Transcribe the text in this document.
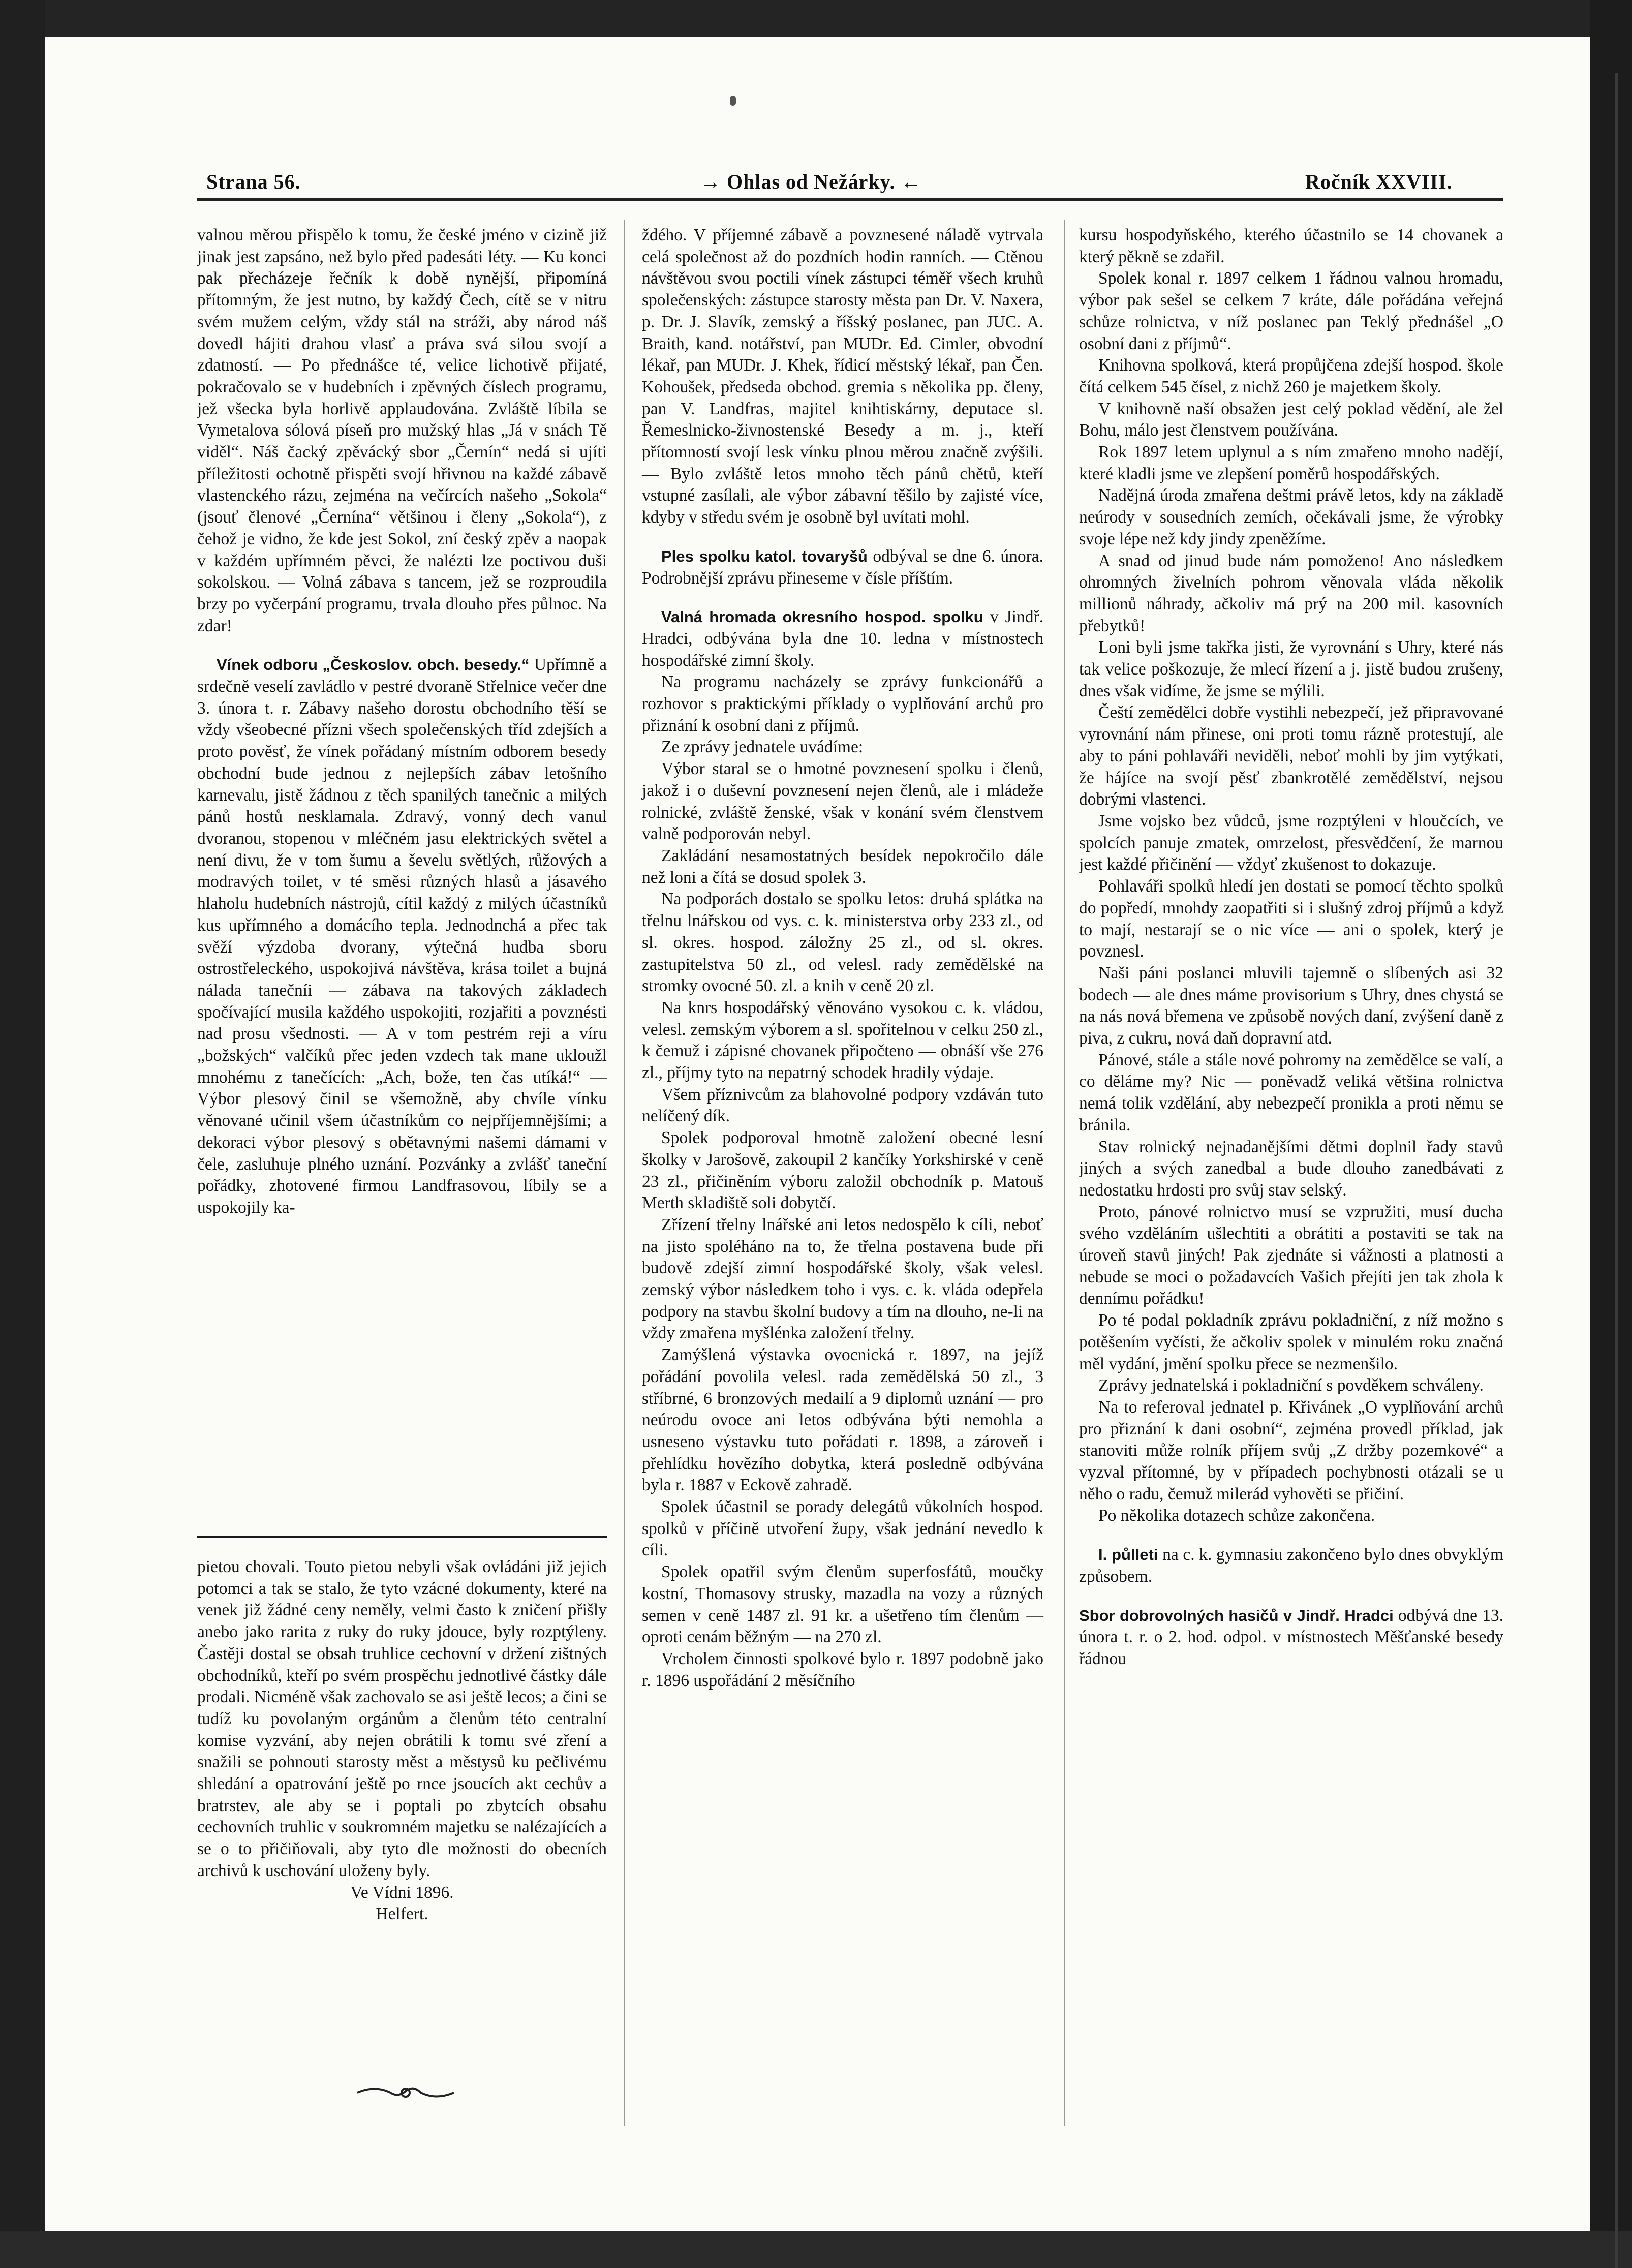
Strana 56.	→ Ohlas od Nežárky. ←	Ročník XXVIII.

valnou měrou přispělo k tomu, že české jméno v cizině již jinak jest zapsáno, než bylo před padesáti léty. — Ku konci pak přecházeje řečník k době nynější, připomíná přítomným, že jest nutno, by každý Čech, cítě se v nitru svém mužem celým, vždy stál na stráži, aby národ náš dovedl hájiti drahou vlasť a práva svá silou svojí a zdatností. — Po přednášce té, velice lichotivě přijaté, pokračovalo se v hudebních i zpěvných číslech programu, jež všecka byla horlivě applaudována. Zvláště líbila se Vymetalova sólová píseň pro mužský hlas „Já v snách Tě viděl“. Náš čacký zpěvácký sbor „Černín“ nedá si ujíti příležitosti ochotně přispěti svojí hřivnou na každé zábavě vlastenckého rázu, zejména na večírcích našeho „Sokola“ (jsouť členové „Černína“ většinou i členy „Sokola“), z čehož je vidno, že kde jest Sokol, zní český zpěv a naopak v každém upřímném pěvci, že nalézti lze poctivou duši sokolskou. — Volná zábava s tancem, jež se rozproudila brzy po vyčerpání programu, trvala dlouho přes půlnoc. Na zdar!

Vínek odboru „Českoslov. obch. besedy.“ Upřímně a srdečně veselí zavládlo v pestré dvoraně Střelnice večer dne 3. února t. r. Zábavy našeho dorostu obchodního těší se vždy všeobecné přízni všech společenských tříd zdejších a proto pověsť, že vínek pořádaný místním odborem besedy obchodní bude jednou z nejlepších zábav letošního karnevalu, jistě žádnou z těch spanilých tanečnic a milých pánů hostů nesklamala. Zdravý, vonný dech vanul dvoranou, stopenou v mléčném jasu elektrických světel a není divu, že v tom šumu a ševelu světlých, růžových a modravých toilet, v té směsi různých hlasů a jásavého hlaholu hudebních nástrojů, cítil každý z milých účastníků kus upřímného a domácího tepla. Jednodnchá a přec tak svěží výzdoba dvorany, výtečná hudba sboru ostrostřeleckého, uspokojivá návštěva, krása toilet a bujná nálada tanečníi — zábava na takových základech spočívající musila každého uspokojiti, rozjařiti a povznésti nad prosu všednosti. — A v tom pestrém reji a víru „božských“ valčíků přec jeden vzdech tak mane ukloužl mnohému z tanečících: „Ach, bože, ten čas utíká!“ — Výbor plesový činil se všemožně, aby chvíle vínku věnované učinil všem účastníkům co nejpříjemnějšími; a dekoraci výbor plesový s obětavnými našemi dámami v čele, zasluhuje plného uznání. Pozvánky a zvlášť taneční pořádky, zhotovené firmou Landfrasovou, líbily se a uspokojily ka-

pietou chovali. Touto pietou nebyli však ovládáni již jejich potomci a tak se stalo, že tyto vzácné dokumenty, které na venek již žádné ceny neměly, velmi často k zničení přišly anebo jako rarita z ruky do ruky jdouce, byly rozptýleny. Častěji dostal se obsah truhlice cechovní v držení zištných obchodníků, kteří po svém prospěchu jednotlivé částky dále prodali. Nicméně však zachovalo se asi ještě lecos; a čini se tudíž ku povolaným orgánům a členům této centralní komise vyzvání, aby nejen obrátili k tomu své zření a snažili se pohnouti starosty měst a městysů ku pečlivému shledání a opatrování ještě po rnce jsoucích akt cechův a bratrstev, ale aby se i poptali po zbytcích obsahu cechovních truhlic v soukromném majetku se nalézajících a se o to přičiňovali, aby tyto dle možnosti do obecních archivů k uschování uloženy byly.

Ve Vídni 1896.

Helfert.

ždého. V příjemné zábavě a povznesené náladě vytrvala celá společnost až do pozdních hodin ranních. — Ctěnou návštěvou svou poctili vínek zástupci téměř všech kruhů společenských: zástupce starosty města pan Dr. V. Naxera, p. Dr. J. Slavík, zemský a říšský poslanec, pan JUC. A. Braith, kand. notářství, pan MUDr. Ed. Cimler, obvodní lékař, pan MUDr. J. Khek, řídicí městský lékař, pan Čen. Kohoušek, předseda obchod. gremia s několika pp. členy, pan V. Landfras, majitel knihtiskárny, deputace sl. Řemeslnicko-živnostenské Besedy a m. j., kteří přítomností svojí lesk vínku plnou měrou značně zvýšili. — Bylo zvláště letos mnoho těch pánů chětů, kteří vstupné zasílali, ale výbor zábavní těšilo by zajisté více, kdyby v středu svém je osobně byl uvítati mohl.

Ples spolku katol. tovaryšů odbýval se dne 6. února. Podrobnější zprávu přineseme v čísle příštím.

Valná hromada okresního hospod. spolku v Jindř. Hradci, odbývána byla dne 10. ledna v místnostech hospodářské zimní školy.

Na programu nacházely se zprávy funkcionářů a rozhovor s praktickými příklady o vyplňování archů pro přiznání k osobní dani z příjmů.

Ze zprávy jednatele uvádíme:

Výbor staral se o hmotné povznesení spolku i členů, jakož i o duševní povznesení nejen členů, ale i mládeže rolnické, zvláště ženské, však v konání svém členstvem valně podporován nebyl.

Zakládání nesamostatných besídek nepokročilo dále než loni a čítá se dosud spolek 3.

Na podporách dostalo se spolku letos: druhá splátka na třelnu lnářskou od vys. c. k. ministerstva orby 233 zl., od sl. okres. hospod. záložny 25 zl., od sl. okres. zastupitelstva 50 zl., od velesl. rady zemědělské na stromky ovocné 50. zl. a knih v ceně 20 zl.

Na knrs hospodářský věnováno vysokou c. k. vládou, velesl. zemským výborem a sl. spořitelnou v celku 250 zl., k čemuž i zápisné chovanek připočteno — obnáší vše 276 zl., příjmy tyto na nepatrný schodek hradily výdaje.

Všem příznivcům za blahovolné podpory vzdáván tuto nelíčený dík.

Spolek podporoval hmotně založení obecné lesní školky v Jarošově, zakoupil 2 kančíky Yorkshirské v ceně 23 zl., přičiněním výboru založil obchodník p. Matouš Merth skladiště soli dobytčí.

Zřízení třelny lnářské ani letos nedospělo k cíli, neboť na jisto spoléháno na to, že třelna postavena bude při budově zdejší zimní hospodářské školy, však velesl. zemský výbor následkem toho i vys. c. k. vláda odepřela podpory na stavbu školní budovy a tím na dlouho, ne-li na vždy zmařena myšlénka založení třelny.

Zamýšlená výstavka ovocnická r. 1897, na jejíž pořádání povolila velesl. rada zemědělská 50 zl., 3 stříbrné, 6 bronzových medailí a 9 diplomů uznání — pro neúrodu ovoce ani letos odbývána býti nemohla a usneseno výstavku tuto pořádati r. 1898, a zároveň i přehlídku hovězího dobytka, která posledně odbývána byla r. 1887 v Eckově zahradě.

Spolek účastnil se porady delegátů vůkolních hospod. spolků v příčině utvoření župy, však jednání nevedlo k cíli.

Spolek opatřil svým členům superfosfátů, moučky kostní, Thomasovy strusky, mazadla na vozy a různých semen v ceně 1487 zl. 91 kr. a ušetřeno tím členům — oproti cenám běžným — na 270 zl.

Vrcholem činnosti spolkové bylo r. 1897 podobně jako r. 1896 uspořádání 2 měsíčního

kursu hospodyňského, kterého účastnilo se 14 chovanek a který pěkně se zdařil.

Spolek konal r. 1897 celkem 1 řádnou valnou hromadu, výbor pak sešel se celkem 7 kráte, dále pořádána veřejná schůze rolnictva, v níž poslanec pan Teklý přednášel „O osobní dani z příjmů“.

Knihovna spolková, která propůjčena zdejší hospod. škole čítá celkem 545 čísel, z nichž 260 je majetkem školy.

V knihovně naší obsažen jest celý poklad vědění, ale žel Bohu, málo jest členstvem používána.

Rok 1897 letem uplynul a s ním zmařeno mnoho nadějí, které kladli jsme ve zlepšení poměrů hospodářských.

Nadějná úroda zmařena deštmi právě letos, kdy na základě neúrody v sousedních zemích, očekávali jsme, že výrobky svoje lépe než kdy jindy zpeněžíme.

A snad od jinud bude nám pomoženo! Ano následkem ohromných živelních pohrom věnovala vláda několik millionů náhrady, ačkoliv má prý na 200 mil. kasovních přebytků!

Loni byli jsme takřka jisti, že vyrovnání s Uhry, které nás tak velice poškozuje, že mlecí řízení a j. jistě budou zrušeny, dnes však vidíme, že jsme se mýlili.

Čeští zemědělci dobře vystihli nebezpečí, jež připravované vyrovnání nám přinese, oni proti tomu rázně protestují, ale aby to páni pohlaváři neviděli, neboť mohli by jim vytýkati, že hájíce na svojí pěsť zbankrotělé zemědělství, nejsou dobrými vlastenci.

Jsme vojsko bez vůdců, jsme rozptýleni v hloučcích, ve spolcích panuje zmatek, omrzelost, přesvědčení, že marnou jest každé přičinění — vždyť zkušenost to dokazuje.

Pohlaváři spolků hledí jen dostati se pomocí těchto spolků do popředí, mnohdy zaopatřiti si i slušný zdroj příjmů a když to mají, nestarají se o nic více — ani o spolek, který je povznesl.

Naši páni poslanci mluvili tajemně o slíbených asi 32 bodech — ale dnes máme provisorium s Uhry, dnes chystá se na nás nová břemena ve způsobě nových daní, zvýšení daně z piva, z cukru, nová daň dopravní atd.

Pánové, stále a stále nové pohromy na zemědělce se valí, a co děláme my? Nic — poněvadž veliká většina rolnictva nemá tolik vzdělání, aby nebezpečí pronikla a proti němu se bránila.

Stav rolnický nejnadanějšími dětmi doplnil řady stavů jiných a svých zanedbal a bude dlouho zanedbávati z nedostatku hrdosti pro svůj stav selský.

Proto, pánové rolnictvo musí se vzpružiti, musí ducha svého vzděláním ušlechtiti a obrátiti a postaviti se tak na úroveň stavů jiných! Pak zjednáte si vážnosti a platnosti a nebude se moci o požadavcích Vašich přejíti jen tak zhola k dennímu pořádku!

Po té podal pokladník zprávu pokladniční, z níž možno s potěšením vyčísti, že ačkoliv spolek v minulém roku značná měl vydání, jmění spolku přece se nezmenšilo.

Zprávy jednatelská i pokladniční s povděkem schváleny.

Na to referoval jednatel p. Křivánek „O vyplňování archů pro přiznání k dani osobní“, zejména provedl příklad, jak stanoviti může rolník příjem svůj „Z držby pozemkové“ a vyzval přítomné, by v případech pochybnosti otázali se u něho o radu, čemuž milerád vyhověti se přičiní.

Po několika dotazech schůze zakončena.

I. půlleti na c. k. gymnasiu zakončeno bylo dnes obvyklým způsobem.

Sbor dobrovolných hasičů v Jindř. Hradci odbývá dne 13. února t. r. o 2. hod. odpol. v místnostech Měšťanské besedy řádnou
